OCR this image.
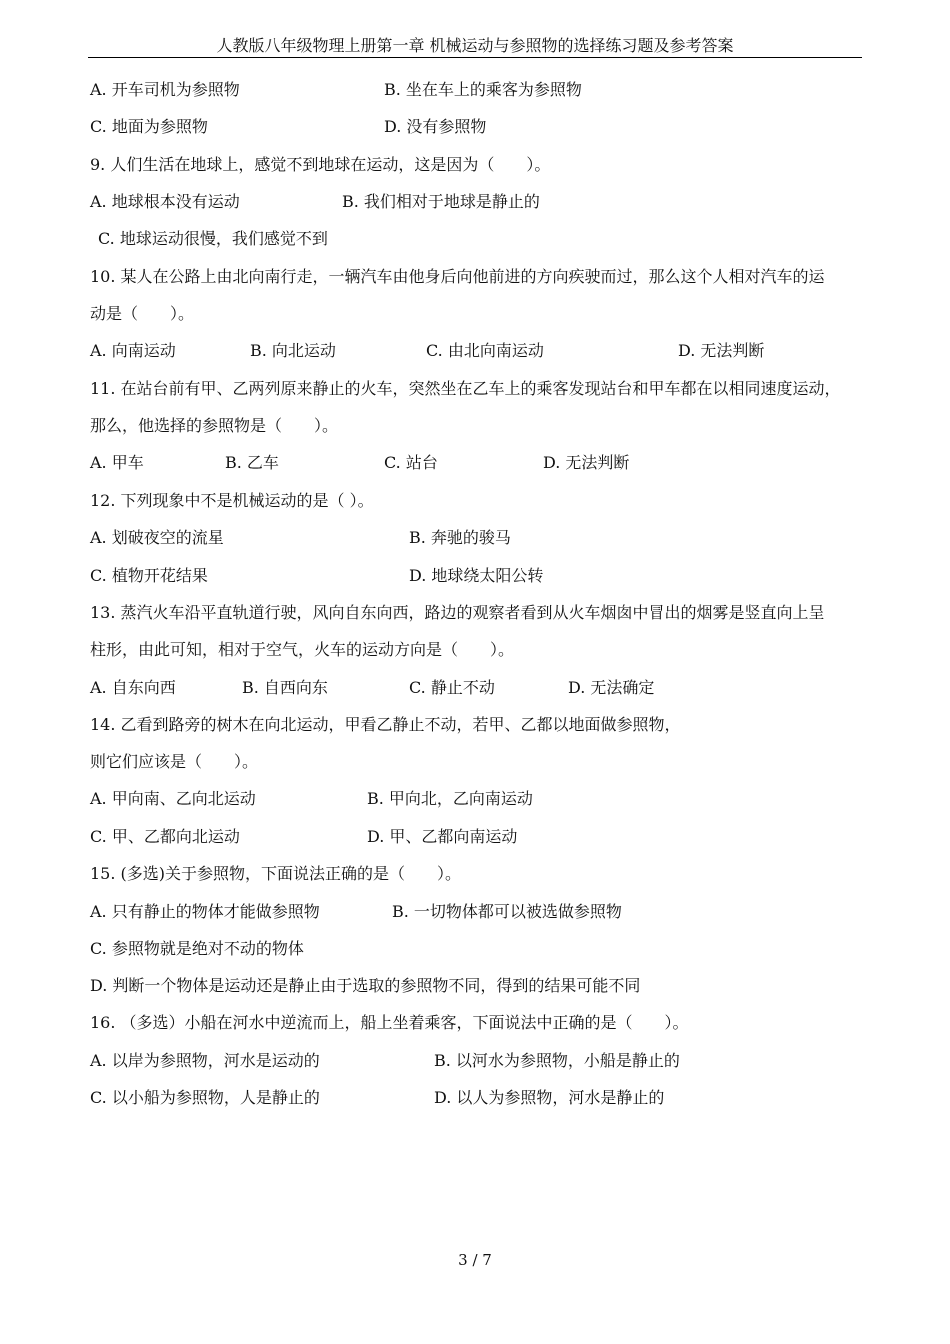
人教版八年级物理上册第一章 机械运动与参照物的选择练习题及参考答案
A. 开车司机为参照物	B. 坐在车上的乘客为参照物
C. 地面为参照物	D. 没有参照物
9. 人们生活在地球上，感觉不到地球在运动，这是因为（　　）。
A. 地球根本没有运动	B. 我们相对于地球是静止的
C. 地球运动很慢，我们感觉不到
10. 某人在公路上由北向南行走，一辆汽车由他身后向他前进的方向疾驶而过，那么这个人相对汽车的运
动是（　　）。
A. 向南运动	B. 向北运动	C. 由北向南运动	D. 无法判断
11. 在站台前有甲、乙两列原来静止的火车，突然坐在乙车上的乘客发现站台和甲车都在以相同速度运动，
那么，他选择的参照物是（　　）。
A. 甲车	B. 乙车	C. 站台	D. 无法判断
12. 下列现象中不是机械运动的是（ ）。
A. 划破夜空的流星	B. 奔驰的骏马
C. 植物开花结果	D. 地球绕太阳公转
13. 蒸汽火车沿平直轨道行驶，风向自东向西，路边的观察者看到从火车烟囱中冒出的烟雾是竖直向上呈
柱形，由此可知，相对于空气，火车的运动方向是（　　）。
A. 自东向西	B. 自西向东	C. 静止不动	D. 无法确定
14. 乙看到路旁的树木在向北运动，甲看乙静止不动，若甲、乙都以地面做参照物，
则它们应该是（　　）。
A. 甲向南、乙向北运动	B. 甲向北，乙向南运动
C. 甲、乙都向北运动	D. 甲、乙都向南运动
15. (多选)关于参照物，下面说法正确的是（　　）。
A. 只有静止的物体才能做参照物	B. 一切物体都可以被选做参照物
C. 参照物就是绝对不动的物体
D. 判断一个物体是运动还是静止由于选取的参照物不同，得到的结果可能不同
16. （多选）小船在河水中逆流而上，船上坐着乘客，下面说法中正确的是（　　）。
A. 以岸为参照物，河水是运动的	B. 以河水为参照物，小船是静止的
C. 以小船为参照物，人是静止的	D. 以人为参照物，河水是静止的
3 / 7
